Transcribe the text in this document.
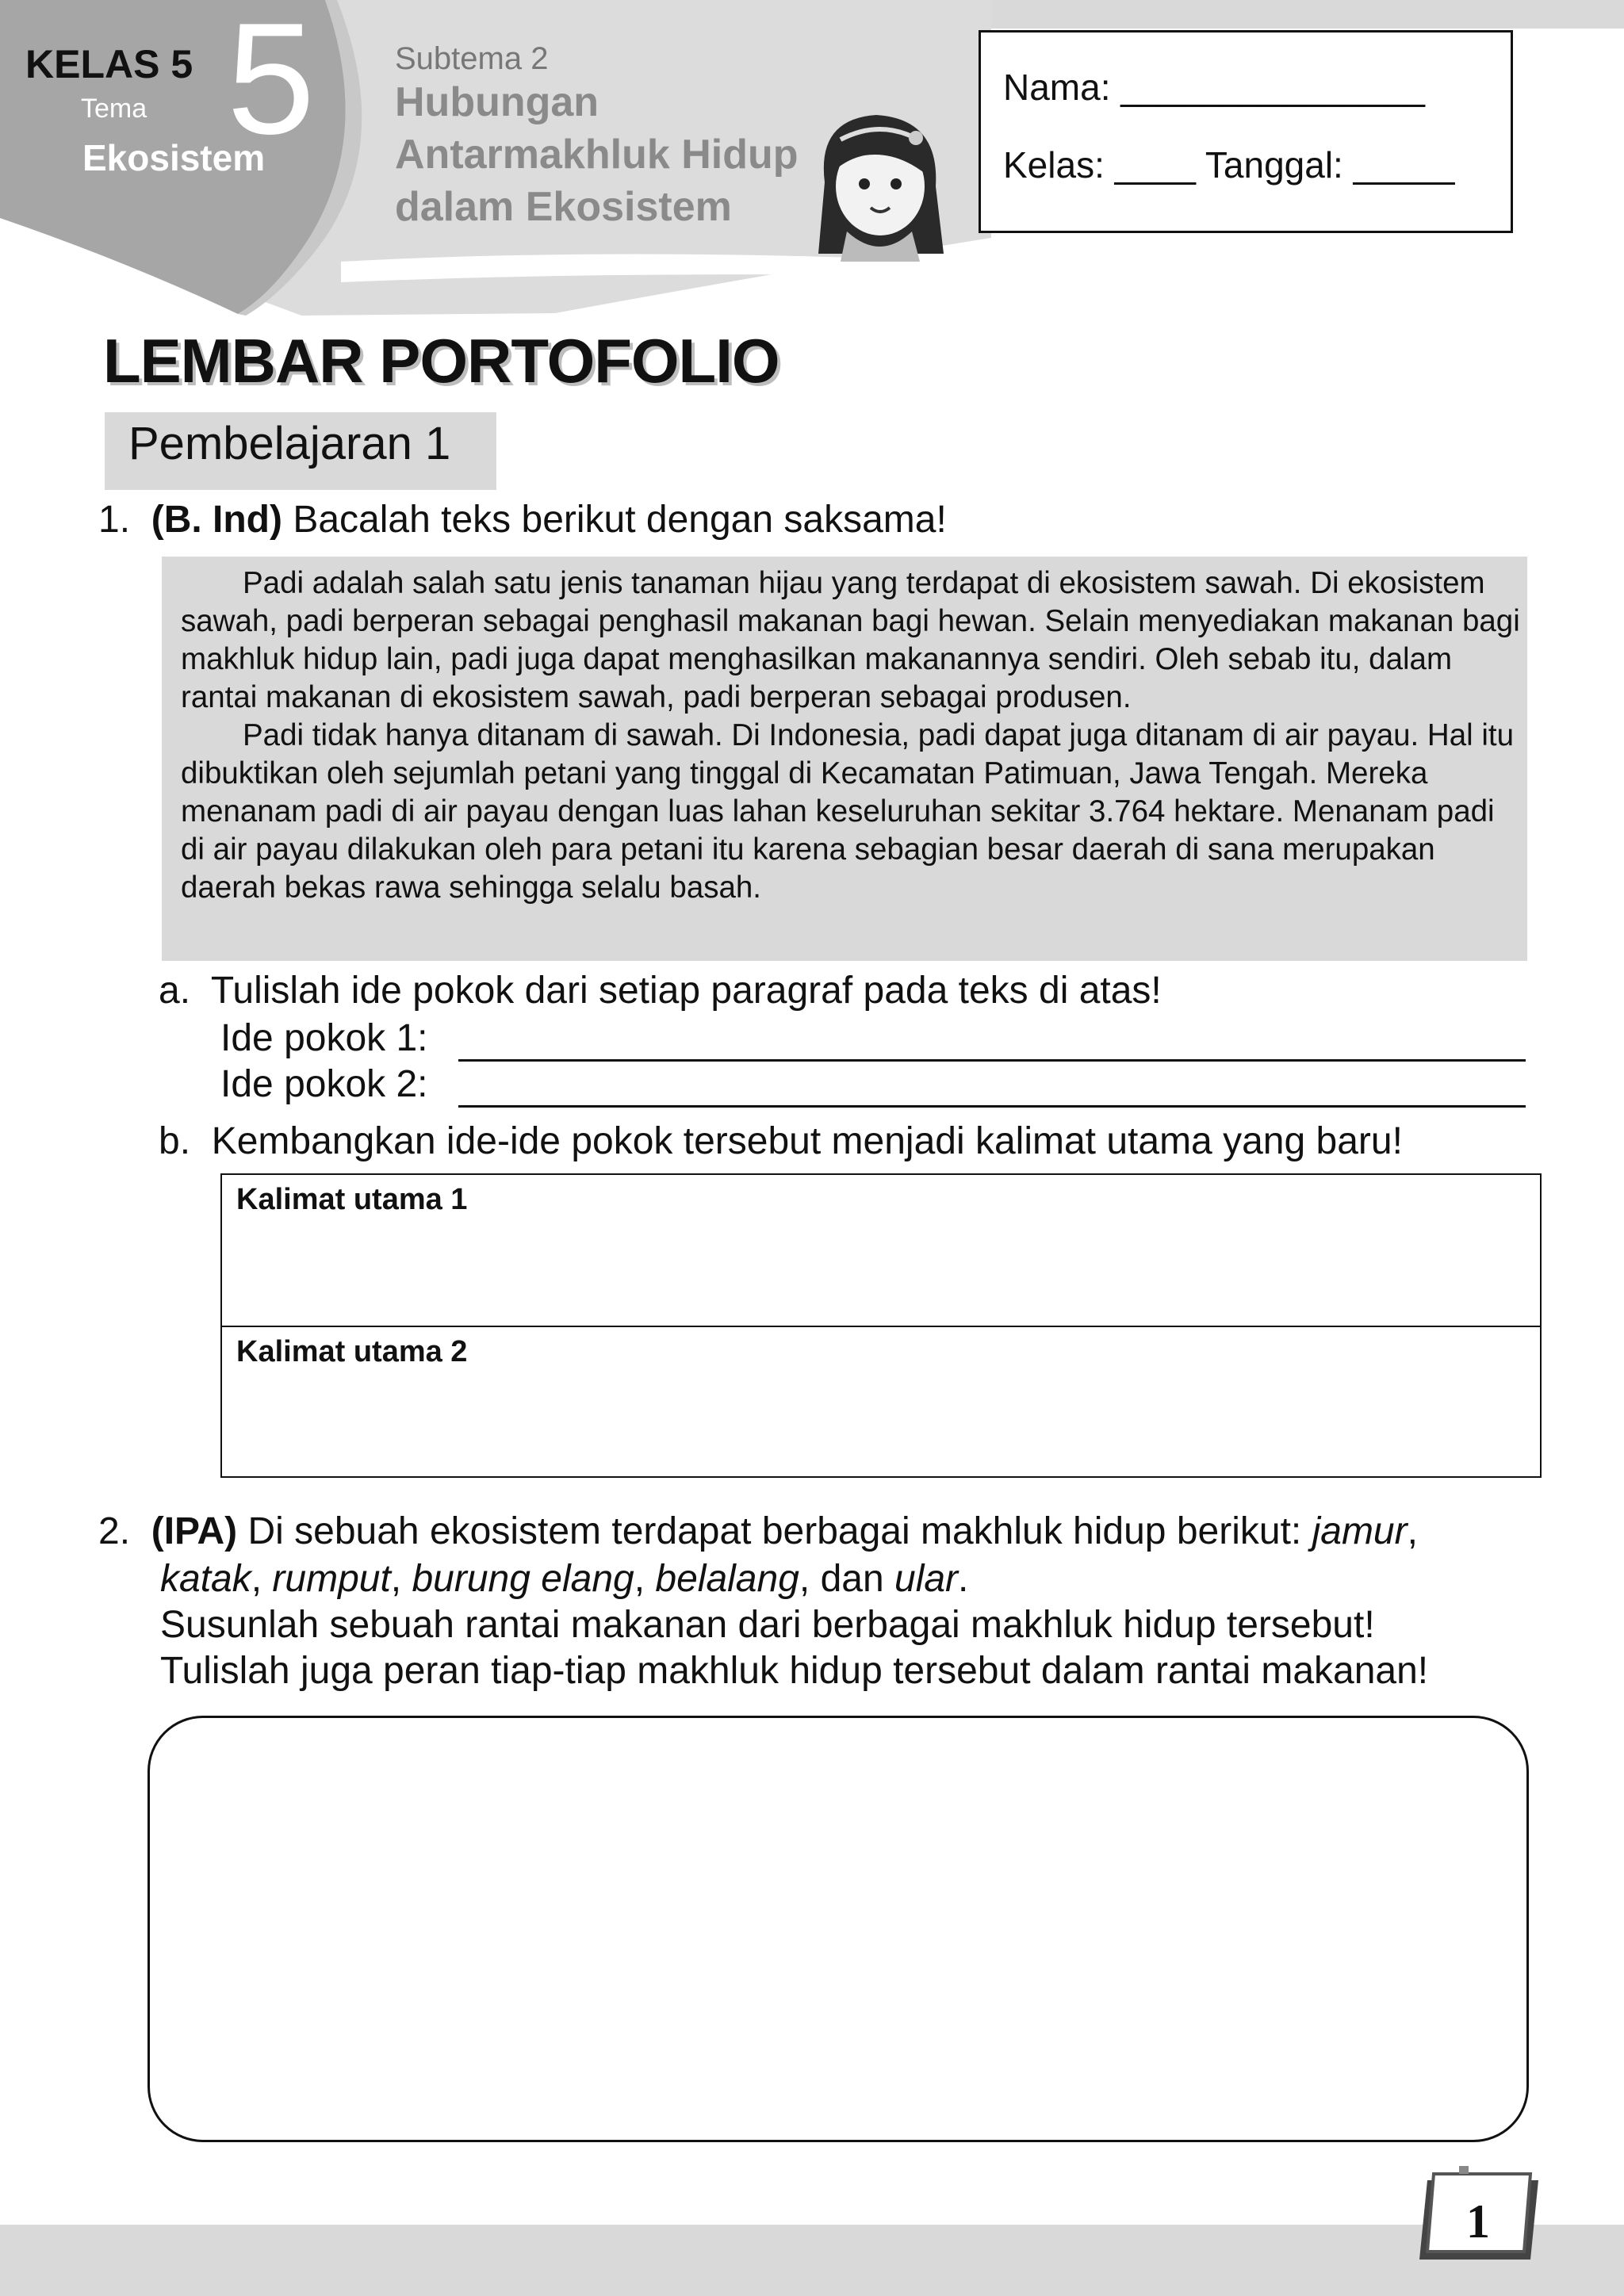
KELAS 5
Tema
Ekosistem
5	Subtema 2
Hubungan Antarmakhluk Hidup dalam Ekosistem
Nama: _______________
Kelas: ____ Tanggal: _____
LEMBAR PORTOFOLIO
Pembelajaran 1
1. (B. Ind) Bacalah teks berikut dengan saksama!

Padi adalah salah satu jenis tanaman hijau yang terdapat di ekosistem sawah. Di ekosistem sawah, padi berperan sebagai penghasil makanan bagi hewan. Selain menyediakan makanan bagi makhluk hidup lain, padi juga dapat menghasilkan makanannya sendiri. Oleh sebab itu, dalam rantai makanan di ekosistem sawah, padi berperan sebagai produsen.

Padi tidak hanya ditanam di sawah. Di Indonesia, padi dapat juga ditanam di air payau. Hal itu dibuktikan oleh sejumlah petani yang tinggal di Kecamatan Patimuan, Jawa Tengah. Mereka menanam padi di air payau dengan luas lahan keseluruhan sekitar 3.764 hektare. Menanam padi di air payau dilakukan oleh para petani itu karena sebagian besar daerah di sana merupakan daerah bekas rawa sehingga selalu basah.

a. Tulislah ide pokok dari setiap paragraf pada teks di atas!
Ide pokok 1:
Ide pokok 2:
b. Kembangkan ide-ide pokok tersebut menjadi kalimat utama yang baru!
Kalimat utama 1
Kalimat utama 2
2. (IPA) Di sebuah ekosistem terdapat berbagai makhluk hidup berikut: jamur,
katak, rumput, burung elang, belalang, dan ular.
Susunlah sebuah rantai makanan dari berbagai makhluk hidup tersebut!
Tulislah juga peran tiap-tiap makhluk hidup tersebut dalam rantai makanan!
1
